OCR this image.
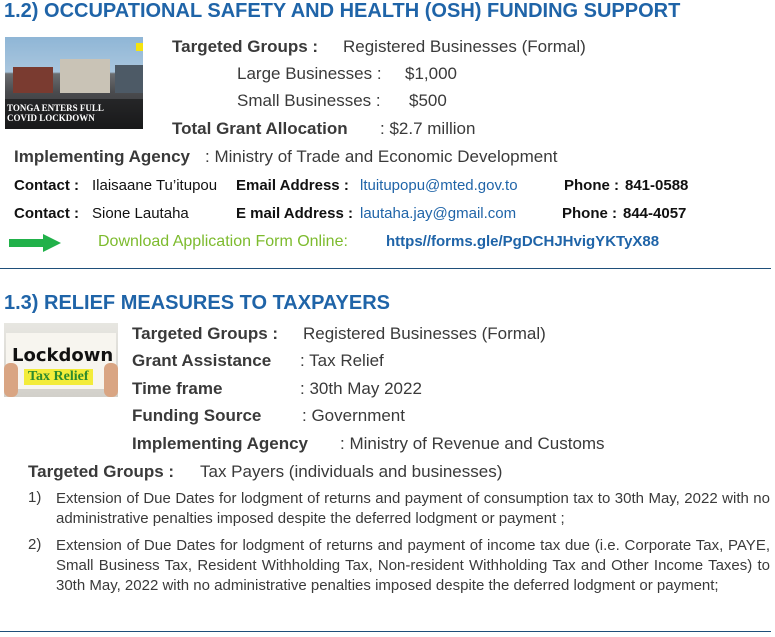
1.2) OCCUPATIONAL SAFETY AND HEALTH (OSH) FUNDING SUPPORT
TONGA ENTERS FULL
COVID LOCKDOWN
Targeted Groups : Registered Businesses (Formal)
Large Businesses : $1,000
Small Businesses : $500
Total Grant Allocation : $2.7 million
Implementing Agency : Ministry of Trade and Economic Development
Contact : Ilaisaane Tu’itupou Email Address : ltuitupopu@mted.gov.to	Phone : 841-0588
Contact : Sione Lautaha	E mail Address : lautaha.jay@gmail.com	Phone : 844-4057
Download Application Form Online:	https//forms.gle/PgDCHJHvigYKTyX88
1.3) RELIEF MEASURES TO TAXPAYERS
Lockdown
Tax Relief
Targeted Groups : Registered Businesses (Formal)
Grant Assistance : Tax Relief
Time frame	: 30th May 2022
Funding Source : Government
Implementing Agency : Ministry of Revenue and Customs
Targeted Groups : Tax Payers (individuals and businesses)
1) Extension of Due Dates for lodgment of returns and payment of consumption tax to 30th May, 2022 with no administrative penalties imposed despite the deferred lodgment or payment ;
2) Extension of Due Dates for lodgment of returns and payment of income tax due (i.e. Corporate Tax, PAYE, Small Business Tax, Resident Withholding Tax, Non-resident Withholding Tax and Other Income Taxes) to 30th May, 2022 with no administrative penalties imposed despite the deferred lodgment or payment;
